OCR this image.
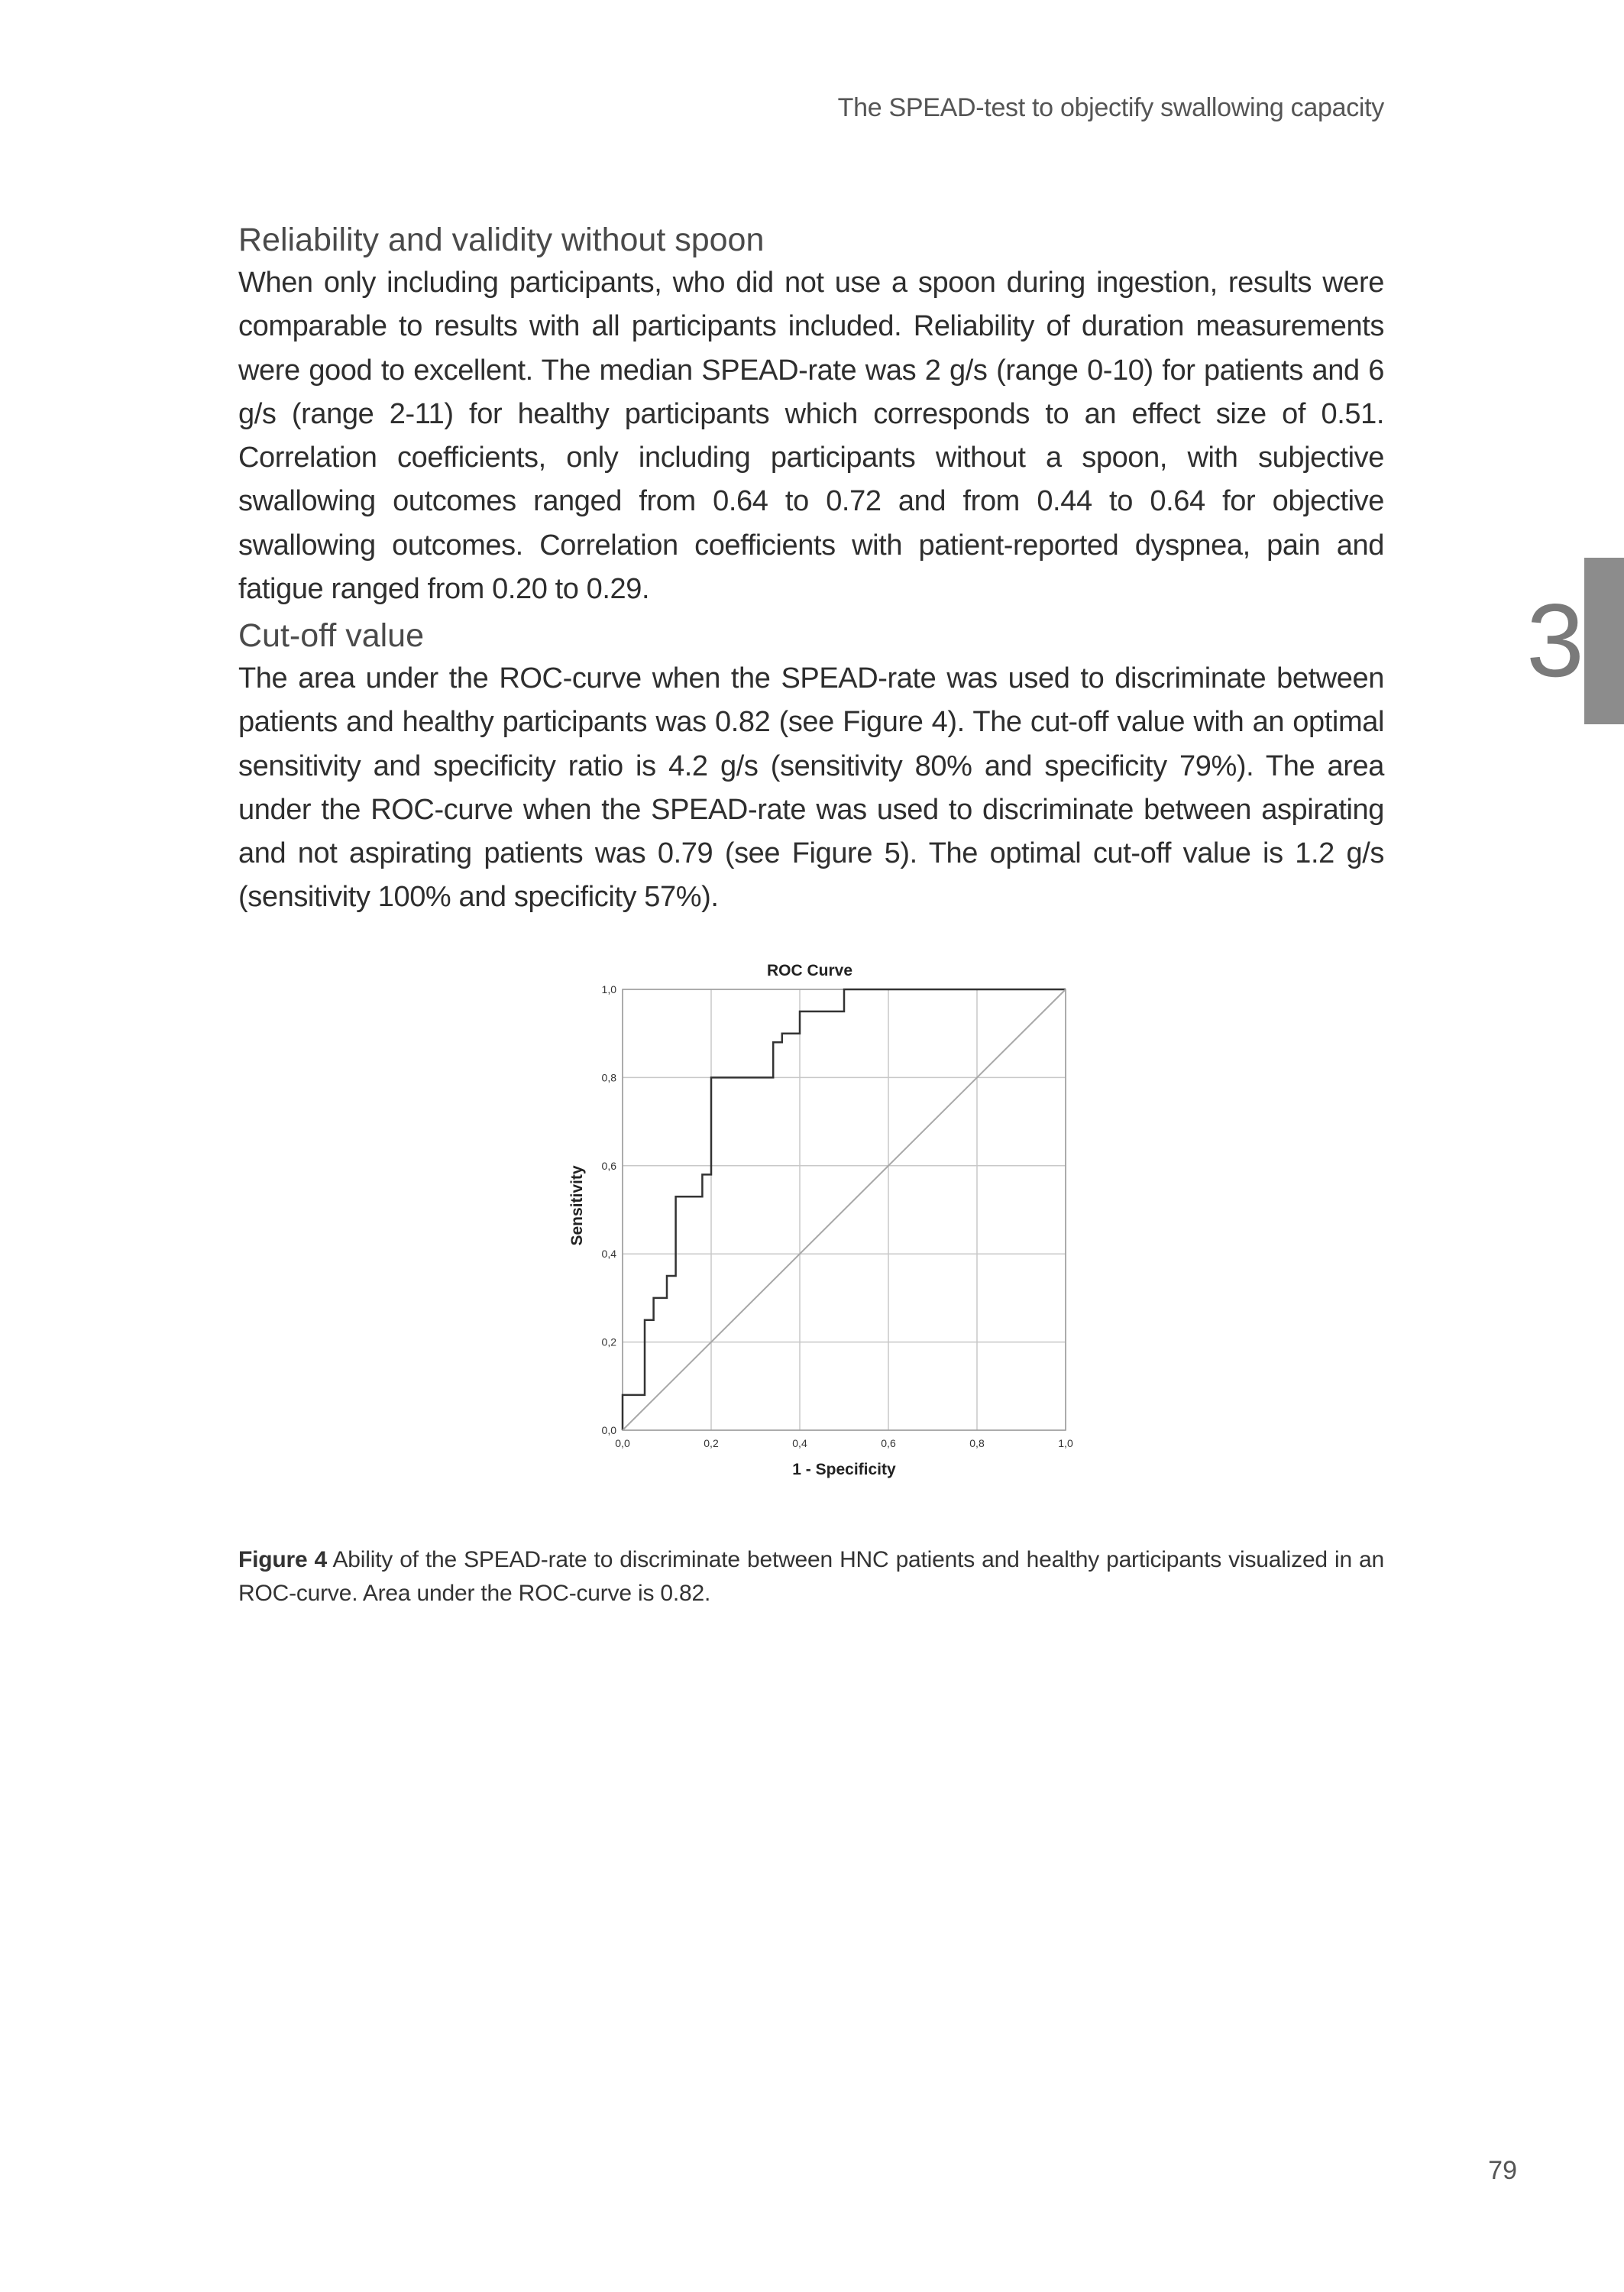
The SPEAD-test to objectify swallowing capacity
3
Reliability and validity without spoon

When only including participants, who did not use a spoon during ingestion, results were comparable to results with all participants included. Reliability of duration measurements were good to excellent. The median SPEAD-rate was 2 g/s (range 0-10) for patients and 6 g/s (range 2-11) for healthy participants which corresponds to an effect size of 0.51. Correlation coefficients, only including participants without a spoon, with subjective swallowing outcomes ranged from 0.64 to 0.72 and from 0.44 to 0.64 for objective swallowing outcomes. Correlation coefficients with patient-reported dyspnea, pain and fatigue ranged from 0.20 to 0.29.

Cut-off value

The area under the ROC-curve when the SPEAD-rate was used to discriminate between patients and healthy participants was 0.82 (see Figure 4). The cut-off value with an optimal sensitivity and specificity ratio is 4.2 g/s (sensitivity 80% and specificity 79%). The area under the ROC-curve when the SPEAD-rate was used to discriminate between aspirating and not aspirating patients was 0.79 (see Figure 5). The optimal cut-off value is 1.2 g/s (sensitivity 100% and specificity 57%).

ROC Curve
1 - Specificity
Sensitivity
0,0	0,2	0,4	0,6	0,8	1,0
0,0
0,2
0,4
0,6
0,8
1,0
Figure 4 Ability of the SPEAD-rate to discriminate between HNC patients and healthy participants visualized in an ROC-curve. Area under the ROC-curve is 0.82.
79
